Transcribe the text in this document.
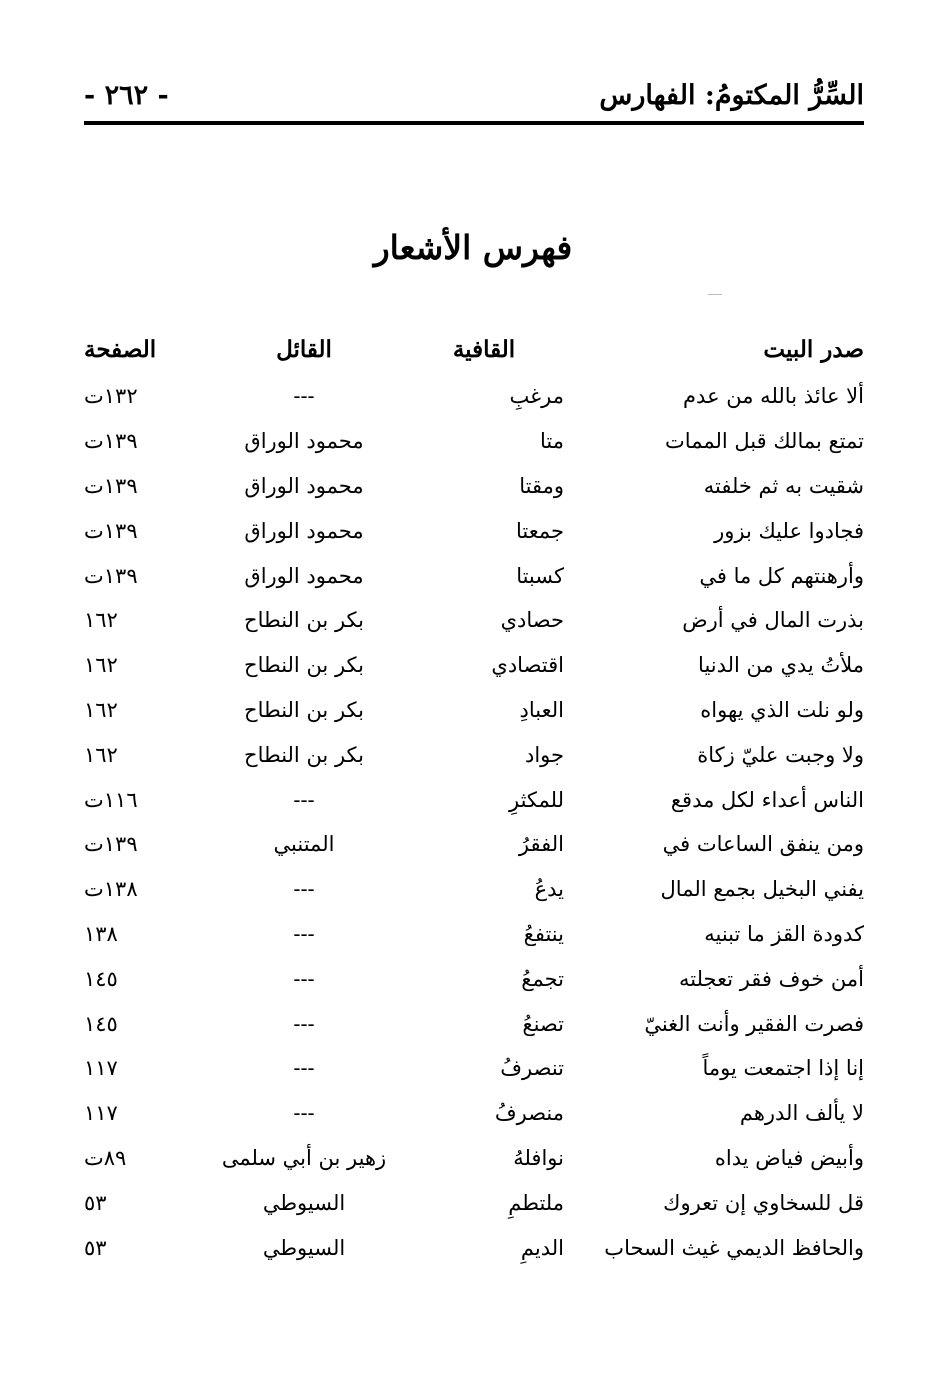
السِّرُّ المكتومُ: الفهارس
- ٢٦٢ -
فهرس الأشعار
صدر البيت	القافية	القائل	الصفحة
ألا عائذ بالله من عدم	مرغبِ	---	١٣٢ت
تمتع بمالك قبل الممات	متا	محمود الوراق	١٣٩ت
شقيت به ثم خلفته	ومقتا	محمود الوراق	١٣٩ت
فجادوا عليك بزور	جمعتا	محمود الوراق	١٣٩ت
وأرهنتهم كل ما في	كسبتا	محمود الوراق	١٣٩ت
بذرت المال في أرض	حصادي	بكر بن النطاح	١٦٢
ملأتُ يدي من الدنيا	اقتصادي	بكر بن النطاح	١٦٢
ولو نلت الذي يهواه	العبادِ	بكر بن النطاح	١٦٢
ولا وجبت عليّ زكاة	جواد	بكر بن النطاح	١٦٢
الناس أعداء لكل مدقع	للمكثرِ	---	١١٦ت
ومن ينفق الساعات في	الفقرُ	المتنبي	١٣٩ت
يفني البخيل بجمع المال	يدعُ	---	١٣٨ت
كدودة القز ما تبنيه	ينتفعُ	---	١٣٨
أمن خوف فقر تعجلته	تجمعُ	---	١٤٥
فصرت الفقير وأنت الغنيّ	تصنعُ	---	١٤٥
إنا إذا اجتمعت يوماً	تنصرفُ	---	١١٧
لا يألف الدرهم	منصرفُ	---	١١٧
وأبيض فياض يداه	نوافلهُ	زهير بن أبي سلمى	٨٩ت
قل للسخاوي إن تعروك	ملتطمِ	السيوطي	٥٣
والحافظ الديمي غيث السحاب	الديمِ	السيوطي	٥٣
